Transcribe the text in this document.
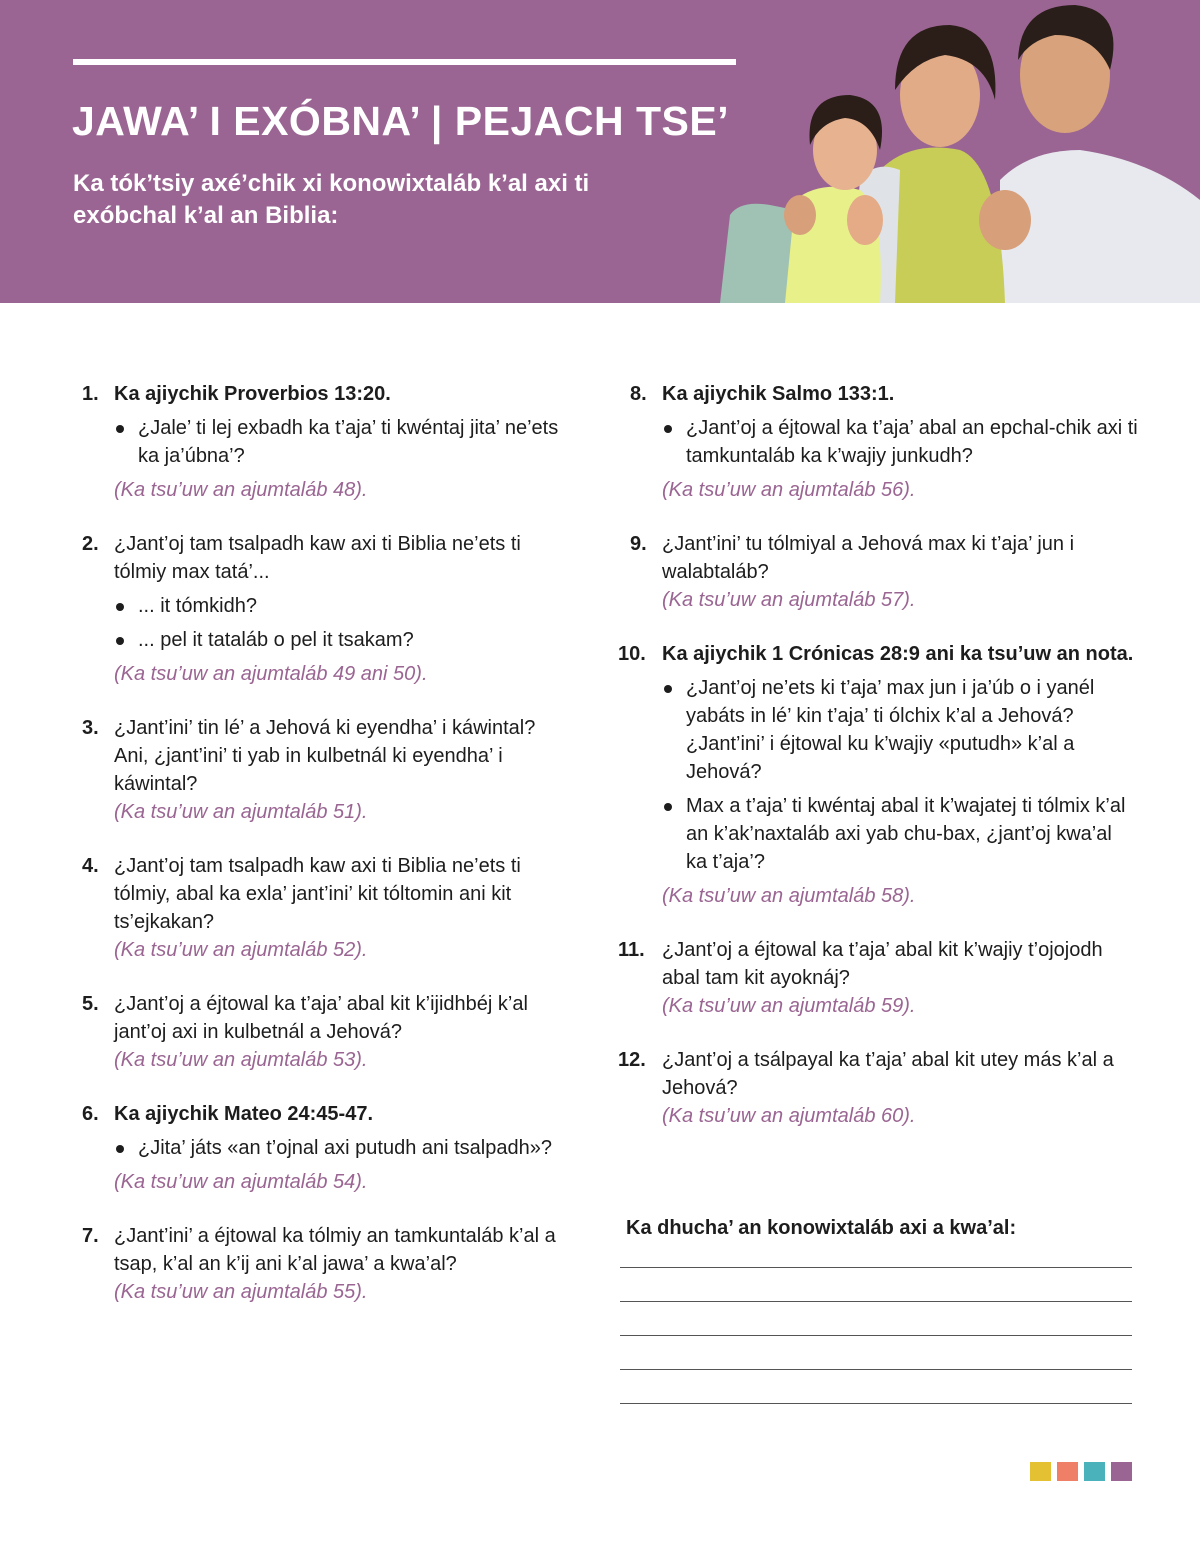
JAWA’ I EXÓBNA’ | PEJACH TSE’

Ka tók’tsiy axé’chik xi konowixtaláb k’al axi ti exóbchal k’al an Biblia:

1. Ka ajiychik Proverbios 13:20.

¿Jale’ ti lej exbadh ka t’aja’ ti kwéntaj jita’ ne’ets ka ja’úbna’?

(Ka tsu’uw an ajumtaláb 48).

2. ¿Jant’oj tam tsalpadh kaw axi ti Biblia ne’ets ti tólmiy max tatá’...

... it tómkidh?
... pel it tataláb o pel it tsakam?

(Ka tsu’uw an ajumtaláb 49 ani 50).

3. ¿Jant’ini’ tin lé’ a Jehová ki eyendha’ i káwintal? Ani, ¿jant’ini’ ti yab in kulbetnál ki eyendha’ i káwintal?

(Ka tsu’uw an ajumtaláb 51).

4. ¿Jant’oj tam tsalpadh kaw axi ti Biblia ne’ets ti tólmiy, abal ka exla’ jant’ini’ kit tóltomin ani kit ts’ejkakan?

(Ka tsu’uw an ajumtaláb 52).

5. ¿Jant’oj a éjtowal ka t’aja’ abal kit k’ijidhbéj k’al jant’oj axi in kulbetnál a Jehová?

(Ka tsu’uw an ajumtaláb 53).

6. Ka ajiychik Mateo 24:45-47.

¿Jita’ játs «an t’ojnal axi putudh ani tsalpadh»?

(Ka tsu’uw an ajumtaláb 54).

7. ¿Jant’ini’ a éjtowal ka tólmiy an tamkuntaláb k’al a tsap, k’al an k’ij ani k’al jawa’ a kwa’al?

(Ka tsu’uw an ajumtaláb 55).

8. Ka ajiychik Salmo 133:1.

¿Jant’oj a éjtowal ka t’aja’ abal an epchal-chik axi ti tamkuntaláb ka k’wajiy junkudh?

(Ka tsu’uw an ajumtaláb 56).

9. ¿Jant’ini’ tu tólmiyal a Jehová max ki t’aja’ jun i walabtaláb?

(Ka tsu’uw an ajumtaláb 57).

10. Ka ajiychik 1 Crónicas 28:9 ani ka tsu’uw an nota.

¿Jant’oj ne’ets ki t’aja’ max jun i ja’úb o i yanél yabáts in lé’ kin t’aja’ ti ólchix k’al a Jehová? ¿Jant’ini’ i éjtowal ku k’wajiy «putudh» k’al a Jehová?
Max a t’aja’ ti kwéntaj abal it k’wajatej ti tólmix k’al an k’ak’naxtaláb axi yab chu-bax, ¿jant’oj kwa’al ka t’aja’?

(Ka tsu’uw an ajumtaláb 58).

11. ¿Jant’oj a éjtowal ka t’aja’ abal kit k’wajiy t’ojojodh abal tam kit ayoknáj?

(Ka tsu’uw an ajumtaláb 59).

12. ¿Jant’oj a tsálpayal ka t’aja’ abal kit utey más k’al a Jehová?

(Ka tsu’uw an ajumtaláb 60).

Ka dhucha’ an konowixtaláb axi a kwa’al:
